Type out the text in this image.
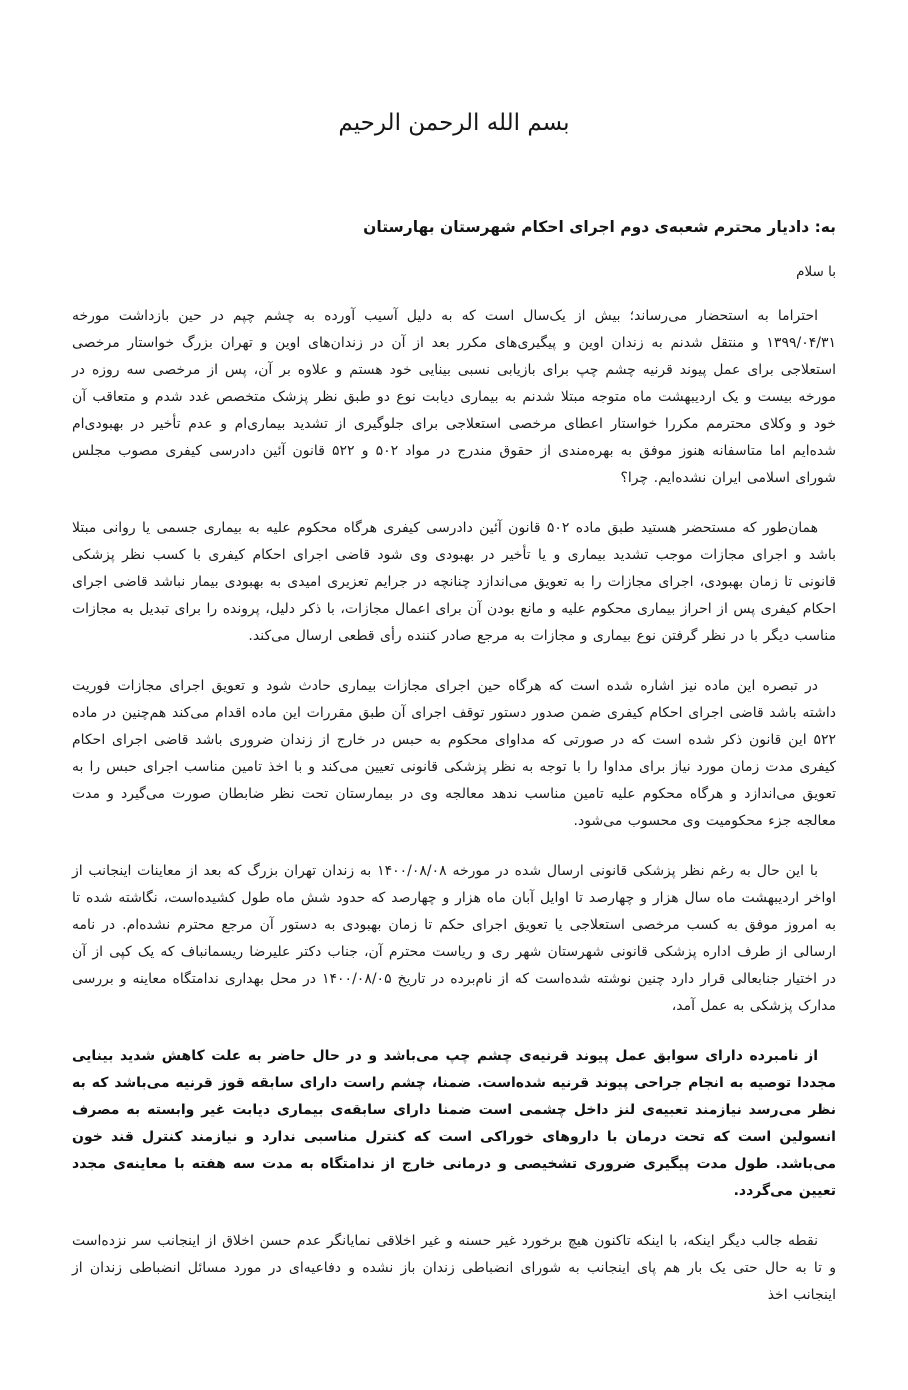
بسم الله الرحمن الرحیم
به: دادیار محترم شعبه‌ی دوم اجرای احکام شهرستان بهارستان
با سلام

احتراما به استحضار می‌رساند؛ بیش از یک‌سال است که به دلیل آسیب آورده به چشم چپم در حین بازداشت مورخه ۱۳۹۹/۰۴/۳۱ و منتقل شدنم به زندان اوین و پیگیری‌های مکرر بعد از آن در زندان‌های اوین و تهران بزرگ خواستار مرخصی استعلاجی برای عمل پیوند قرنیه چشم چپ برای بازیابی نسبی بینایی خود هستم و علاوه بر آن، پس از مرخصی سه روزه در مورخه بیست و یک اردیبهشت ماه متوجه مبتلا شدنم به بیماری دیابت نوع دو طبق نظر پزشک متخصص غدد شدم و متعاقب آن خود و وکلای محترمم مکررا خواستار اعطای مرخصی استعلاجی برای جلوگیری از تشدید بیماری‌ام و عدم تأخیر در بهبودی‌ام شده‌ایم اما متاسفانه هنوز موفق به بهره‌مندی از حقوق مندرج در مواد ۵۰۲ و ۵۲۲ قانون آئین دادرسی کیفری مصوب مجلس شورای اسلامی ایران نشده‌ایم. چرا؟

همان‌طور که مستحضر هستید طبق ماده ۵۰۲ قانون آئین دادرسی کیفری هرگاه محکوم علیه به بیماری جسمی یا روانی مبتلا باشد و اجرای مجازات موجب تشدید بیماری و یا تأخیر در بهبودی وی شود قاضی اجرای احکام کیفری با کسب نظر پزشکی قانونی تا زمان بهبودی، اجرای مجازات را به تعویق می‌اندازد چنانچه در جرایم تعزیری امیدی به بهبودی بیمار نباشد قاضی اجرای احکام کیفری پس از احراز بیماری محکوم علیه و مانع بودن آن برای اعمال مجازات، با ذکر دلیل، پرونده را برای تبدیل به مجازات مناسب دیگر با در نظر گرفتن نوع بیماری و مجازات به مرجع صادر کننده رأی قطعی ارسال می‌کند.

در تبصره این ماده نیز اشاره شده است که هرگاه حین اجرای مجازات بیماری حادث شود و تعویق اجرای مجازات فوریت داشته باشد قاضی اجرای احکام کیفری ضمن صدور دستور توقف اجرای آن طبق مقررات این ماده اقدام می‌کند هم‌چنین در ماده ۵۲۲ این قانون ذکر شده است که در صورتی که مداوای محکوم به حبس در خارج از زندان ضروری باشد قاضی اجرای احکام کیفری مدت زمان مورد نیاز برای مداوا را با توجه به نظر پزشکی قانونی تعیین می‌کند و با اخذ تامین مناسب اجرای حبس را به تعویق می‌اندازد و هرگاه محکوم علیه تامین مناسب ندهد معالجه وی در بیمارستان تحت نظر ضابطان صورت می‌گیرد و مدت معالجه جزء محکومیت وی محسوب می‌شود.

با این حال به رغم نظر پزشکی قانونی ارسال شده در مورخه ۱۴۰۰/۰۸/۰۸ به زندان تهران بزرگ که بعد از معاینات اینجانب از اواخر اردیبهشت ماه سال هزار و چهارصد تا اوایل آبان ماه هزار و چهارصد که حدود شش ماه طول کشیده‌است، نگاشته شده تا به امروز موفق به کسب مرخصی استعلاجی یا تعویق اجرای حکم تا زمان بهبودی به دستور آن مرجع محترم نشده‌ام. در نامه ارسالی از طرف اداره پزشکی قانونی شهرستان شهر ری و ریاست محترم آن، جناب دکتر علیرضا ریسمانباف که یک کپی از آن در اختیار جنابعالی قرار دارد چنین نوشته شده‌است که از نام‌برده در تاریخ ۱۴۰۰/۰۸/۰۵ در محل بهداری ندامتگاه معاینه و بررسی مدارک پزشکی به عمل آمد،

از نامبرده دارای سوابق عمل پیوند قرنیه‌ی چشم چپ می‌باشد و در حال حاضر به علت کاهش شدید بینایی مجددا توصیه به انجام جراحی پیوند قرنیه شده‌است. ضمنا، چشم راست دارای سابقه قوز قرنیه می‌باشد که به نظر می‌رسد نیازمند تعبیه‌ی لنز داخل چشمی است ضمنا دارای سابقه‌ی بیماری دیابت غیر وابسته به مصرف انسولین است که تحت درمان با داروهای خوراکی است که کنترل مناسبی ندارد و نیازمند کنترل قند خون می‌باشد. طول مدت پیگیری ضروری تشخیصی و درمانی خارج از ندامتگاه به مدت سه هفته با معاینه‌ی مجدد تعیین می‌گردد.

نقطه جالب دیگر اینکه، با اینکه تاکنون هیچ برخورد غیر حسنه و غیر اخلاقی نمایانگر عدم حسن اخلاق از اینجانب سر نزده‌است و تا به حال حتی یک بار هم پای اینجانب به شورای انضباطی زندان باز نشده و دفاعیه‌ای در مورد مسائل انضباطی زندان از اینجانب اخذ
